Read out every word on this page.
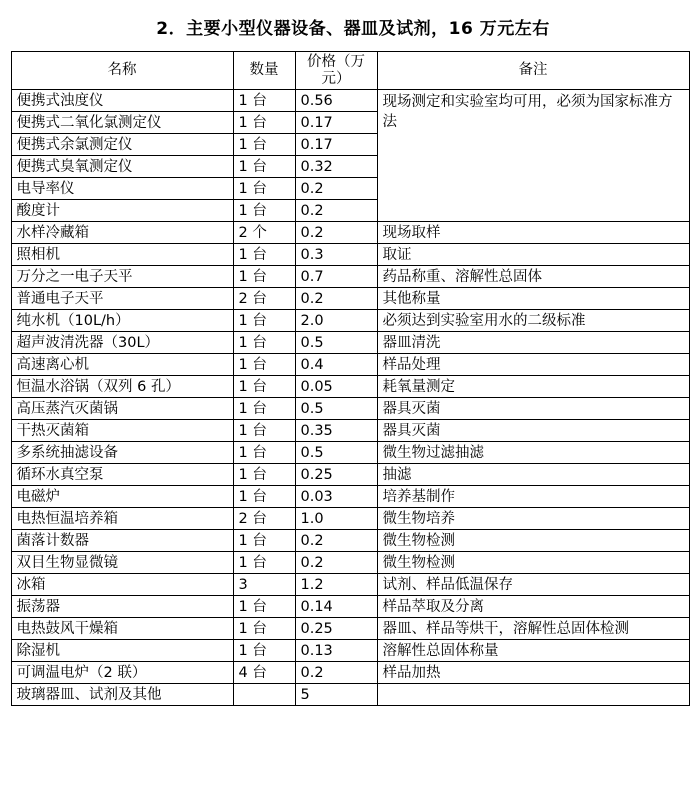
2．主要小型仪器设备、器皿及试剂，16 万元左右
名称	数量	价格（万元）	备注
便携式浊度仪	1 台	0.56	现场测定和实验室均可用，必须为国家标准方法
便携式二氧化氯测定仪	1 台	0.17	
便携式余氯测定仪	1 台	0.17	
便携式臭氧测定仪	1 台	0.32	
电导率仪	1 台	0.2	
酸度计	1 台	0.2	
水样冷藏箱	2 个	0.2	现场取样
照相机	1 台	0.3	取证
万分之一电子天平	1 台	0.7	药品称重、溶解性总固体
普通电子天平	2 台	0.2	其他称量
纯水机（10L/h）	1 台	2.0	必须达到实验室用水的二级标准
超声波清洗器（30L）	1 台	0.5	器皿清洗
高速离心机	1 台	0.4	样品处理
恒温水浴锅（双列 6 孔）	1 台	0.05	耗氧量测定
高压蒸汽灭菌锅	1 台	0.5	器具灭菌
干热灭菌箱	1 台	0.35	器具灭菌
多系统抽滤设备	1 台	0.5	微生物过滤抽滤
循环水真空泵	1 台	0.25	抽滤
电磁炉	1 台	0.03	培养基制作
电热恒温培养箱	2 台	1.0	微生物培养
菌落计数器	1 台	0.2	微生物检测
双目生物显微镜	1 台	0.2	微生物检测
冰箱	3	1.2	试剂、样品低温保存
振荡器	1 台	0.14	样品萃取及分离
电热鼓风干燥箱	1 台	0.25	器皿、样品等烘干，溶解性总固体检测
除湿机	1 台	0.13	溶解性总固体称量
可调温电炉（2 联）	4 台	0.2	样品加热
玻璃器皿、试剂及其他		5	
